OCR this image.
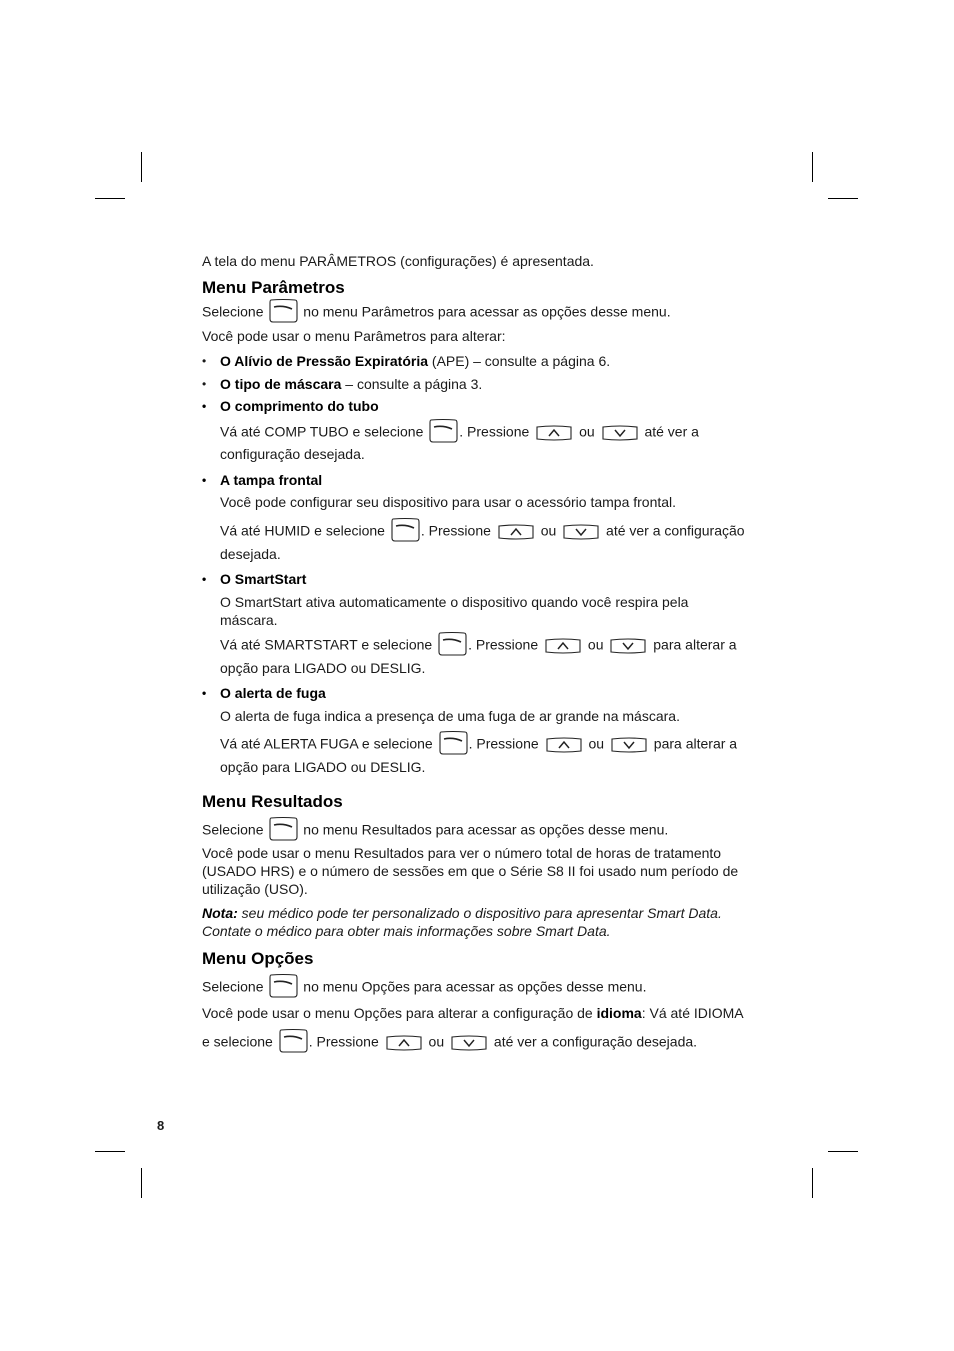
A tela do menu PARÂMETROS (configurações) é apresentada.
Menu Parâmetros
Selecione	no menu Parâmetros para acessar as opções desse menu.
Você pode usar o menu Parâmetros para alterar:
• O Alívio de Pressão Expiratória (APE) – consulte a página 6.
• O tipo de máscara – consulte a página 3.
• O comprimento do tubo
Vá até COMP TUBO e selecione	. Pressione	ou	até ver a
configuração desejada.
• A tampa frontal
Você pode configurar seu dispositivo para usar o acessório tampa frontal.
Vá até HUMID e selecione	. Pressione	ou	até ver a configuração
desejada.
• O SmartStart
O SmartStart ativa automaticamente o dispositivo quando você respira pela máscara.
Vá até SMARTSTART e selecione	. Pressione	ou	para alterar a
opção para LIGADO ou DESLIG.
• O alerta de fuga
O alerta de fuga indica a presença de uma fuga de ar grande na máscara.
Vá até ALERTA FUGA e selecione	. Pressione	ou	para alterar a
opção para LIGADO ou DESLIG.
Menu Resultados
Selecione	no menu Resultados para acessar as opções desse menu.
Você pode usar o menu Resultados para ver o número total de horas de tratamento (USADO HRS) e o número de sessões em que o Série S8 II foi usado num período de utilização (USO).
Nota: seu médico pode ter personalizado o dispositivo para apresentar Smart Data. Contate o médico para obter mais informações sobre Smart Data.
Menu Opções
Selecione	no menu Opções para acessar as opções desse menu.
Você pode usar o menu Opções para alterar a configuração de idioma: Vá até IDIOMA
e selecione	. Pressione	ou	até ver a configuração desejada.
8
